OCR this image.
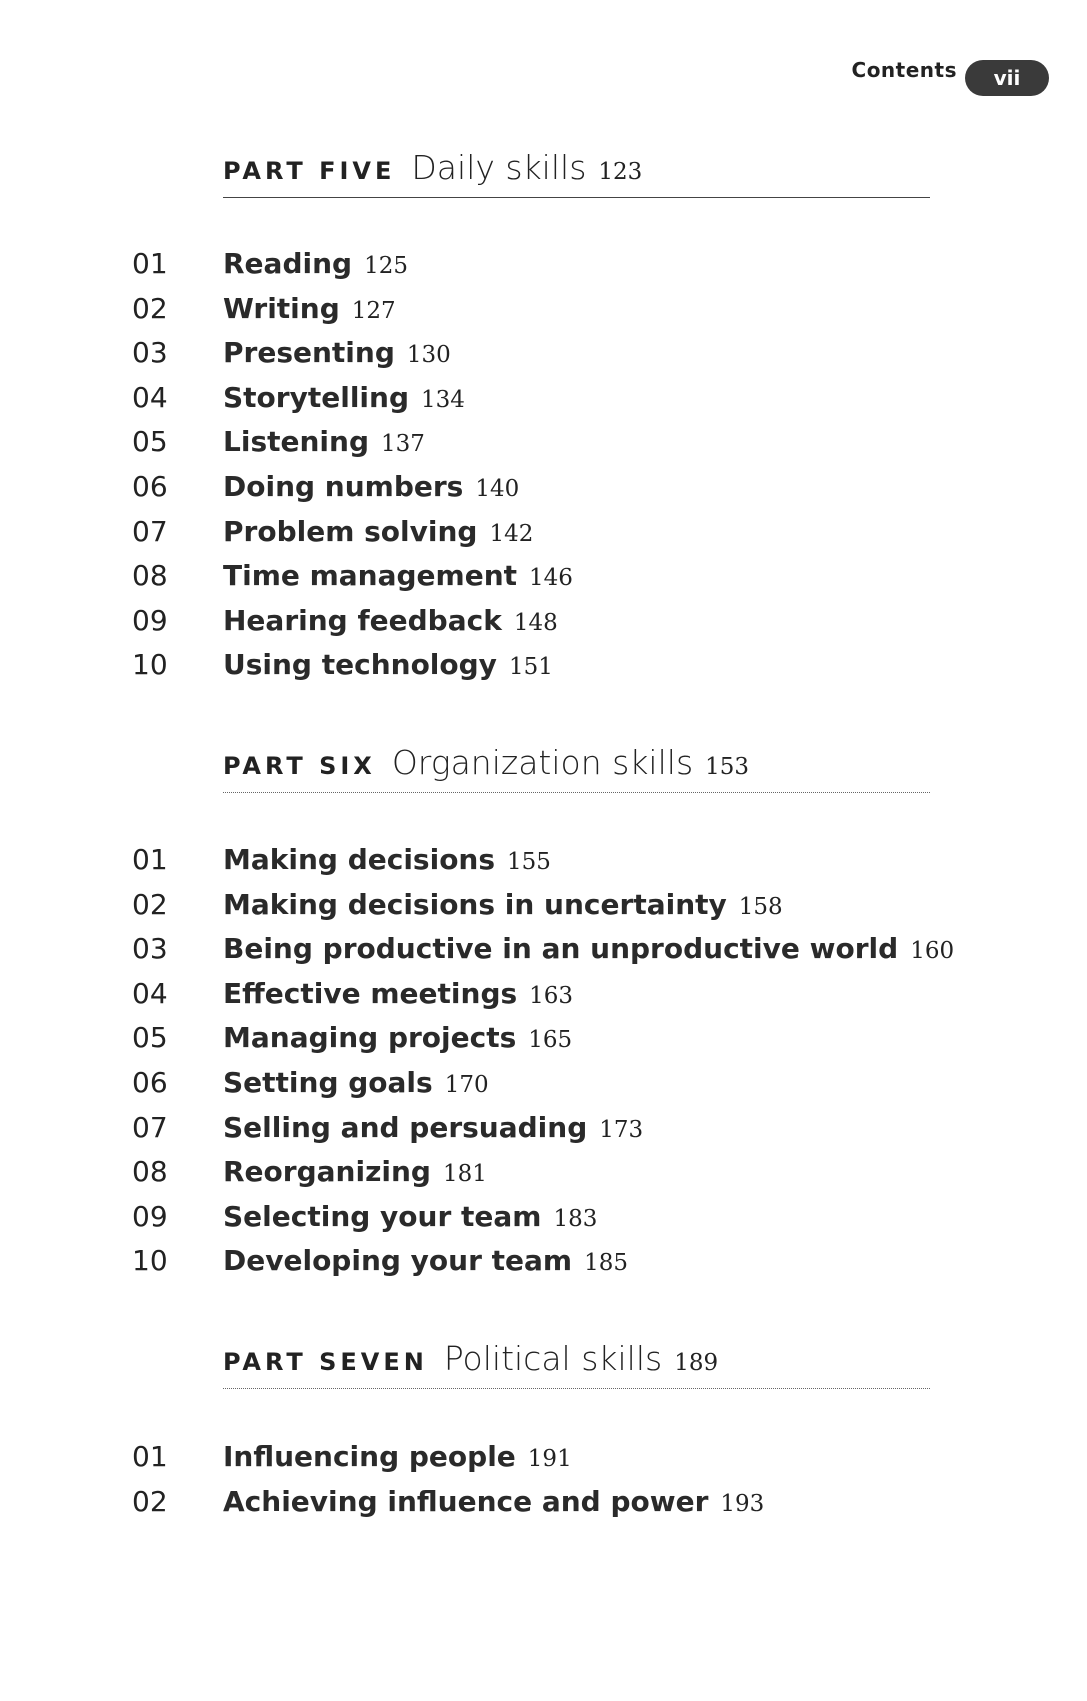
Contents	vii
PART FIVE Daily skills 123
01	Reading 125
02	Writing 127
03	Presenting 130
04	Storytelling 134
05	Listening 137
06	Doing numbers 140
07	Problem solving 142
08	Time management 146
09	Hearing feedback 148
10	Using technology 151
PART SIX Organization skills 153
01	Making decisions 155
02	Making decisions in uncertainty 158
03	Being productive in an unproductive world 160
04	Effective meetings 163
05	Managing projects 165
06	Setting goals 170
07	Selling and persuading 173
08	Reorganizing 181
09	Selecting your team 183
10	Developing your team 185
PART SEVEN Political skills 189
01	Influencing people 191
02	Achieving influence and power 193
